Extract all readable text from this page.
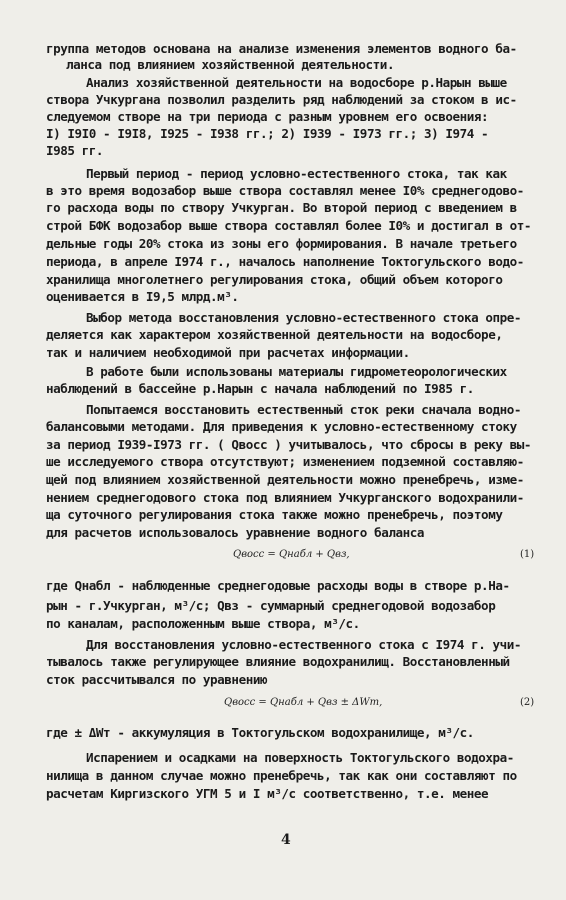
группа методов основана на анализе изменения элементов водного ба-
ланса под влиянием хозяйственной деятельности.
Анализ хозяйственной деятельности на водосборе р.Нарын выше
створа Учкургана позволил разделить ряд наблюдений за стоком в ис-
следуемом створе на три периода с разным уровнем его освоения:
I) I9I0 - I9I8, I925 - I938 гг.; 2) I939 - I973 гг.; 3) I974 -
I985 гг.
Первый период - период условно-естественного стока, так как
в это время водозабор выше створа составлял менее I0% среднегодово-
го расхода воды по створу Учкурган. Во второй период с введением в
строй БФК водозабор выше створа составлял более I0% и достигал в от-
дельные годы 20% стока из зоны его формирования. В начале третьего
периода, в апреле I974 г., началось наполнение Токтогульского водо-
хранилища многолетнего регулирования стока, общий объем которого
оценивается в I9,5 млрд.м³.
Выбор метода восстановления условно-естественного стока опре-
деляется как характером хозяйственной деятельности на водосборе,
так и наличием необходимой при расчетах информации.
В работе были использованы материалы гидрометеорологических
наблюдений в бассейне р.Нарын с начала наблюдений по I985 г.
Попытаемся восстановить естественный сток реки сначала водно-
балансовыми методами. Для приведения к условно-естественному стоку
за период I939-I973 гг. ( Qвосс ) учитывалось, что сбросы в реку вы-
ше исследуемого створа отсутствуют; изменением подземной составляю-
щей под влиянием хозяйственной деятельности можно пренебречь, изме-
нением среднегодового стока под влиянием Учкурганского водохранили-
ща суточного регулирования стока также можно пренебречь, поэтому
для расчетов использовалось уравнение водного баланса
Qвосс = Qнабл + Qвз,	(1)
где Qнабл - наблюденные среднегодовые расходы воды в створе р.На-
рын - г.Учкурган, м³/с; Qвз - суммарный среднегодовой водозабор
по каналам, расположенным выше створа, м³/с.
Для восстановления условно-естественного стока с I974 г. учи-
тывалось также регулирующее влияние водохранилищ. Восстановленный
сток рассчитывался по уравнению
Qвосс = Qнабл + Qвз ± ΔWт,	(2)
где ± ΔWт - аккумуляция в Токтогульском водохранилище, м³/с.
Испарением и осадками на поверхность Токтогульского водохра-
нилища в данном случае можно пренебречь, так как они составляют по
расчетам Киргизского УГМ 5 и I м³/с соответственно, т.е. менее
4
